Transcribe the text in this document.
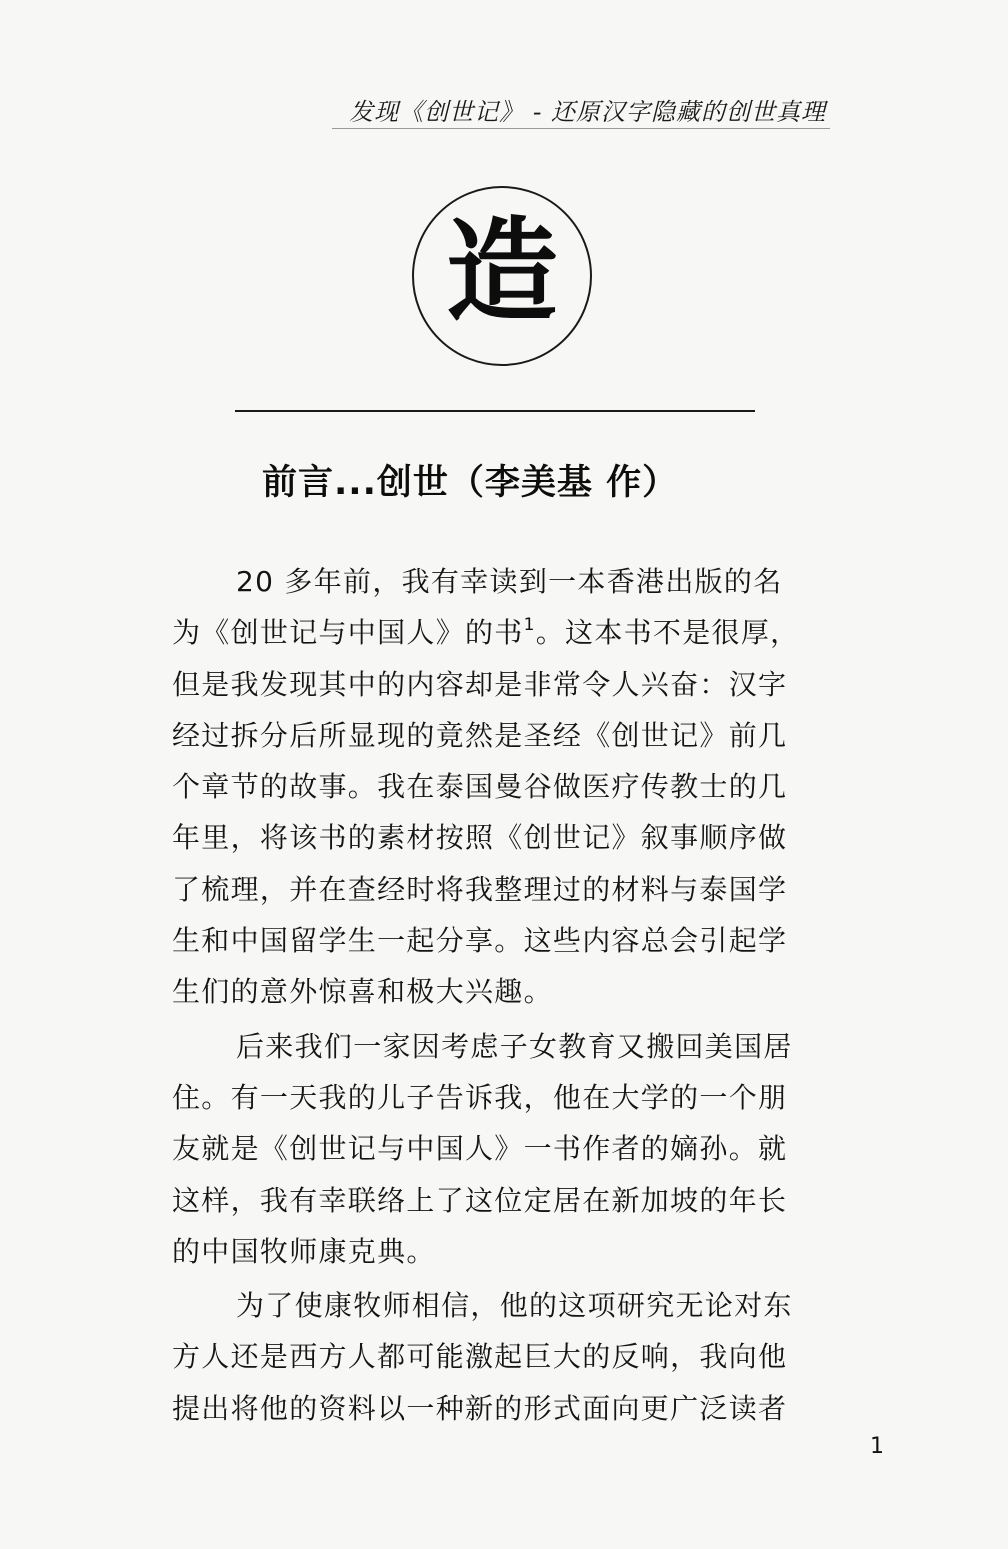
发现《创世记》 - 还原汉字隐藏的创世真理
造
前言...创世（李美基 作）

20 多年前，我有幸读到一本香港出版的名
为《创世记与中国人》的书$^1$。这本书不是很厚，
但是我发现其中的内容却是非常令人兴奋：汉字
经过拆分后所显现的竟然是圣经《创世记》前几
个章节的故事。我在泰国曼谷做医疗传教士的几
年里，将该书的素材按照《创世记》叙事顺序做
了梳理，并在查经时将我整理过的材料与泰国学
生和中国留学生一起分享。这些内容总会引起学
生们的意外惊喜和极大兴趣。

后来我们一家因考虑子女教育又搬回美国居
住。有一天我的儿子告诉我，他在大学的一个朋
友就是《创世记与中国人》一书作者的嫡孙。就
这样，我有幸联络上了这位定居在新加坡的年长
的中国牧师康克典。

为了使康牧师相信，他的这项研究无论对东
方人还是西方人都可能激起巨大的反响，我向他
提出将他的资料以一种新的形式面向更广泛读者

1
